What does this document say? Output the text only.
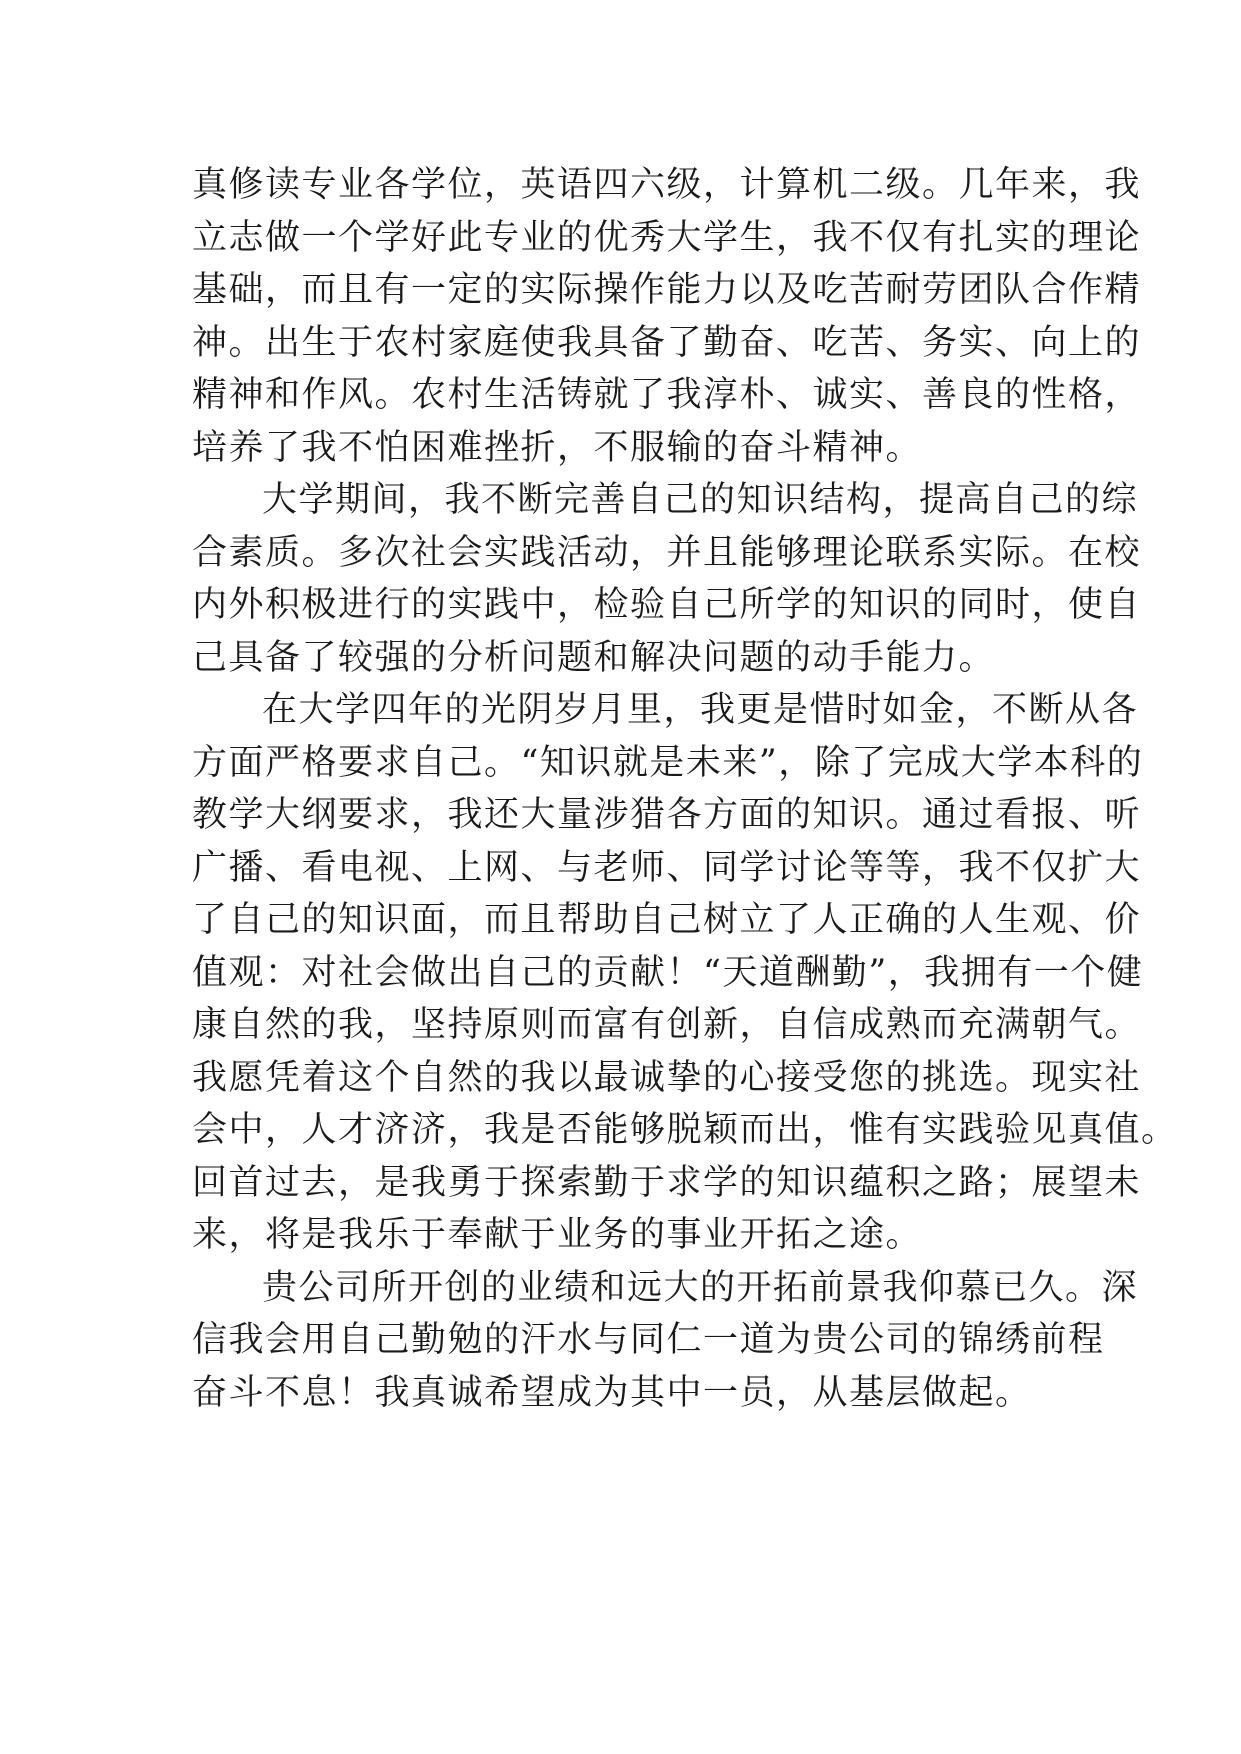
真修读专业各学位，英语四六级，计算机二级。几年来，我
立志做一个学好此专业的优秀大学生，我不仅有扎实的理论
基础，而且有一定的实际操作能力以及吃苦耐劳团队合作精
神。出生于农村家庭使我具备了勤奋、吃苦、务实、向上的
精神和作风。农村生活铸就了我淳朴、诚实、善良的性格，
培养了我不怕困难挫折，不服输的奋斗精神。
大学期间，我不断完善自己的知识结构，提高自己的综
合素质。多次社会实践活动，并且能够理论联系实际。在校
内外积极进行的实践中，检验自己所学的知识的同时，使自
己具备了较强的分析问题和解决问题的动手能力。
在大学四年的光阴岁月里，我更是惜时如金，不断从各
方面严格要求自己。“知识就是未来”，除了完成大学本科的
教学大纲要求，我还大量涉猎各方面的知识。通过看报、听
广播、看电视、上网、与老师、同学讨论等等，我不仅扩大
了自己的知识面，而且帮助自己树立了人正确的人生观、价
值观：对社会做出自己的贡献！“天道酬勤”，我拥有一个健
康自然的我，坚持原则而富有创新，自信成熟而充满朝气。
我愿凭着这个自然的我以最诚挚的心接受您的挑选。现实社
会中，人才济济，我是否能够脱颖而出，惟有实践验见真值。
回首过去，是我勇于探索勤于求学的知识蕴积之路；展望未
来，将是我乐于奉献于业务的事业开拓之途。
贵公司所开创的业绩和远大的开拓前景我仰慕已久。深
信我会用自己勤勉的汗水与同仁一道为贵公司的锦绣前程
奋斗不息！我真诚希望成为其中一员，从基层做起。
